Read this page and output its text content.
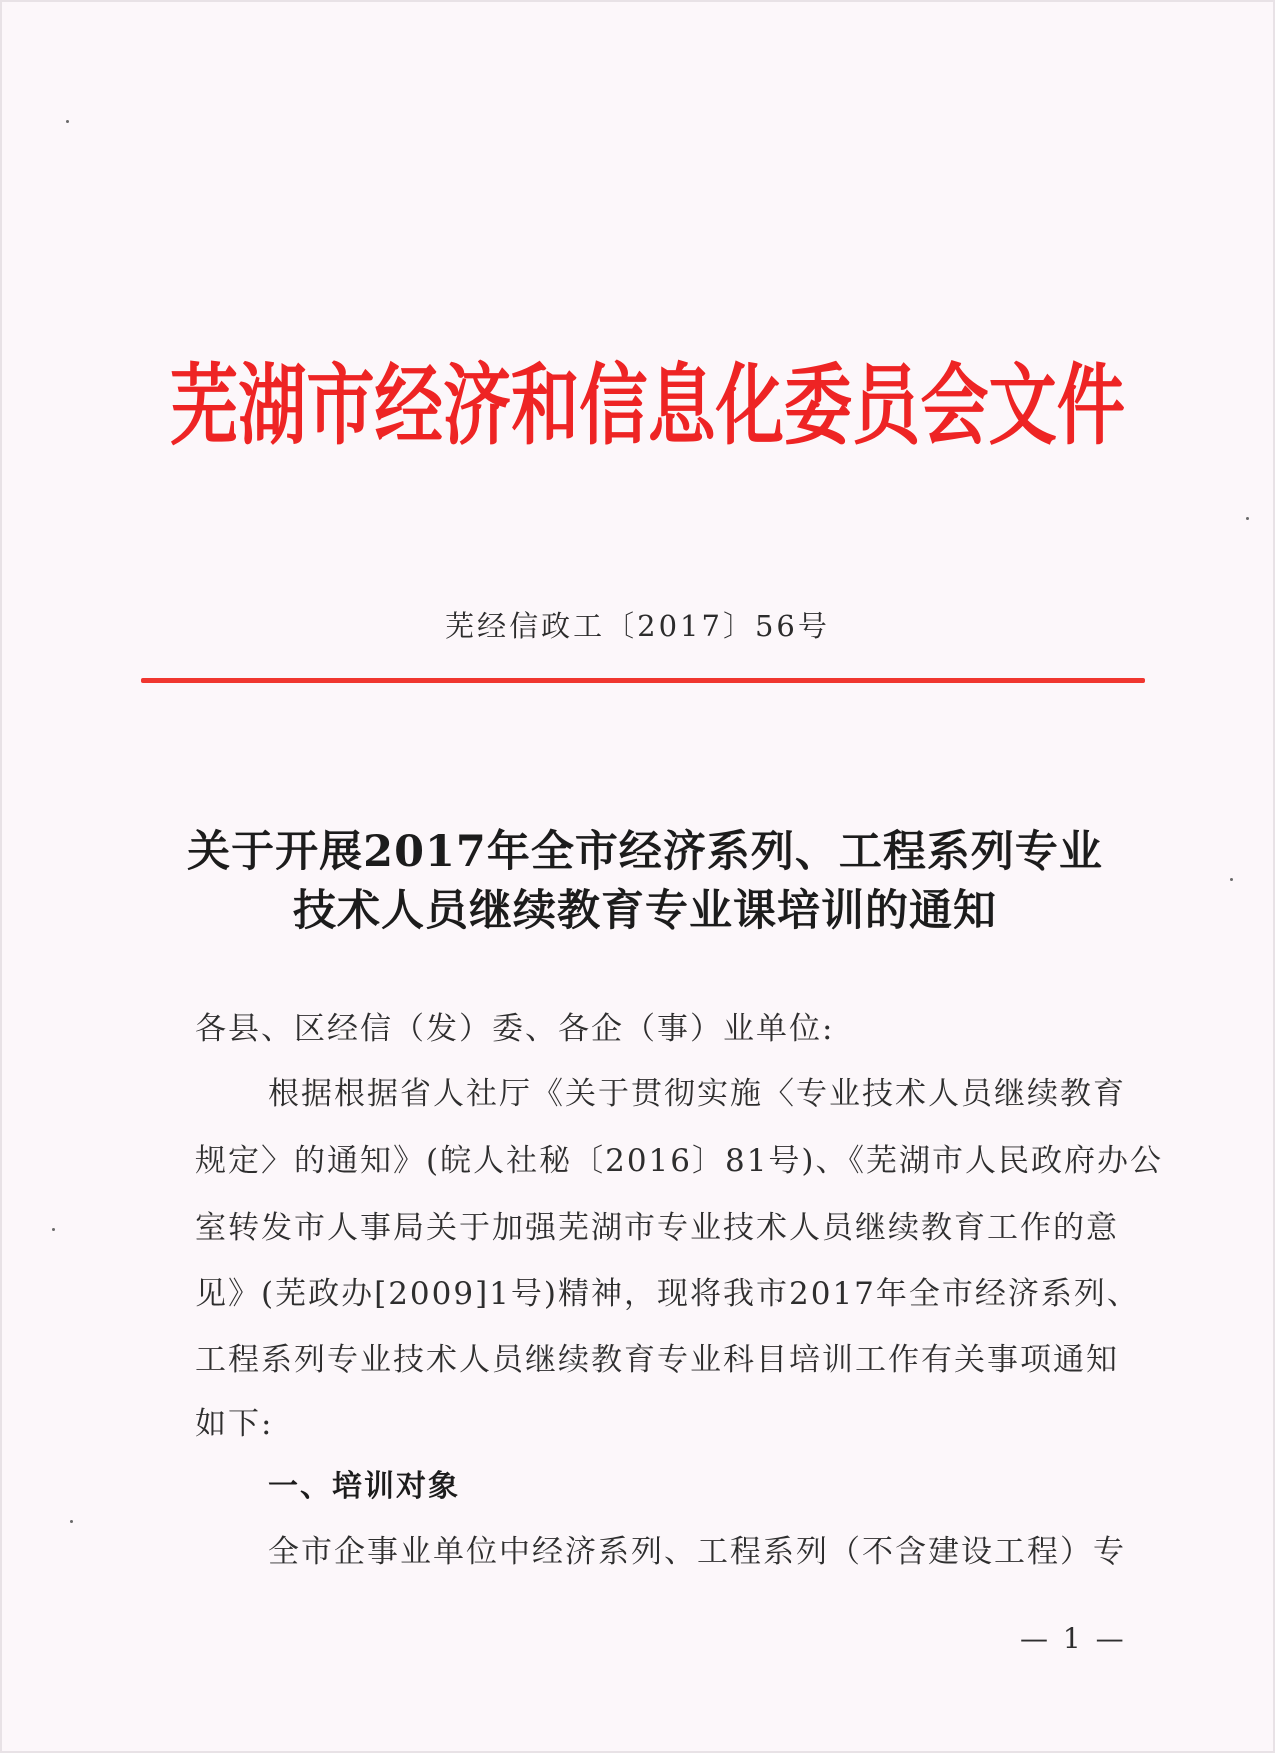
芜湖市经济和信息化委员会文件
芜经信政工〔2017〕56号
关于开展2017年全市经济系列、工程系列专业
技术人员继续教育专业课培训的通知
各县、区经信（发）委、各企（事）业单位:
根据根据省人社厅《关于贯彻实施〈专业技术人员继续教育
规定〉的通知》(皖人社秘〔2016〕81号)、《芜湖市人民政府办公
室转发市人事局关于加强芜湖市专业技术人员继续教育工作的意
见》(芜政办[2009]1号)精神，现将我市2017年全市经济系列、
工程系列专业技术人员继续教育专业科目培训工作有关事项通知
如下:
一、培训对象
全市企事业单位中经济系列、工程系列（不含建设工程）专
— 1 —
